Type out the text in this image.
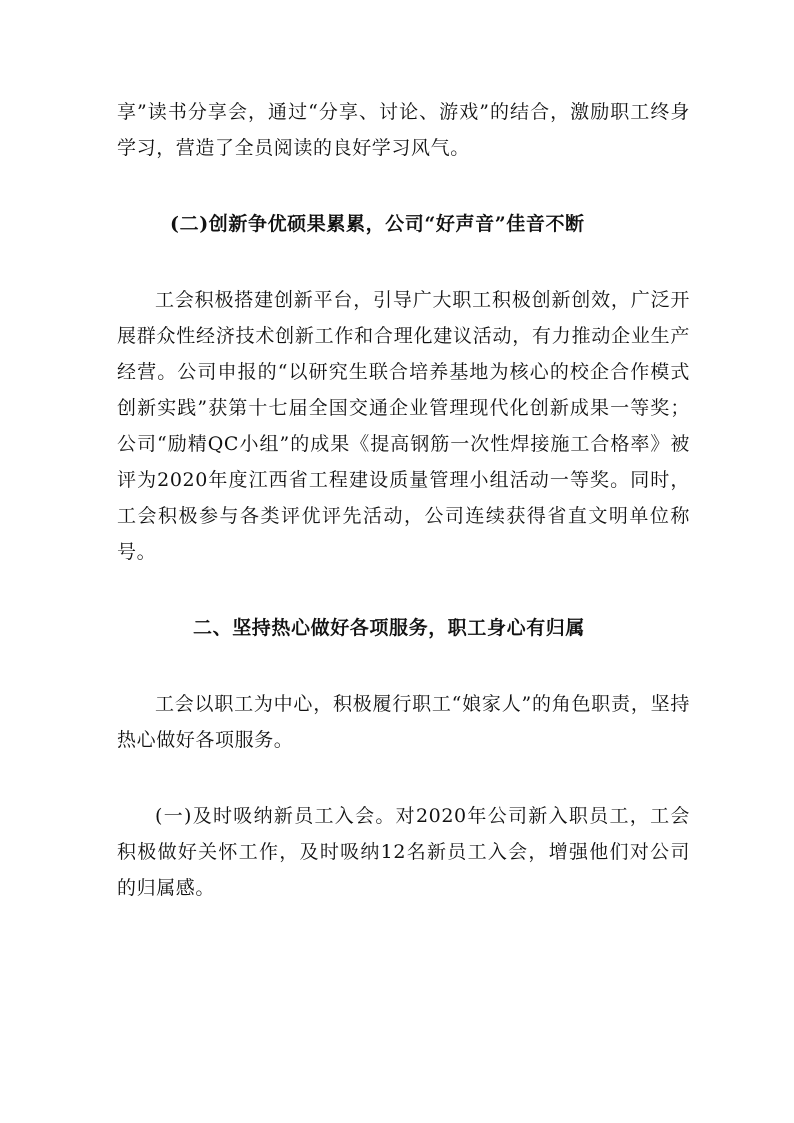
享”读书分享会，通过“分享、讨论、游戏”的结合，激励职工终身学习，营造了全员阅读的良好学习风气。

(二)创新争优硕果累累，公司“好声音”佳音不断

工会积极搭建创新平台，引导广大职工积极创新创效，广泛开展群众性经济技术创新工作和合理化建议活动，有力推动企业生产经营。公司申报的“以研究生联合培养基地为核心的校企合作模式创新实践”获第十七届全国交通企业管理现代化创新成果一等奖；公司“励精QC小组”的成果《提高钢筋一次性焊接施工合格率》被评为2020年度江西省工程建设质量管理小组活动一等奖。同时，工会积极参与各类评优评先活动，公司连续获得省直文明单位称号。

二、坚持热心做好各项服务，职工身心有归属

工会以职工为中心，积极履行职工“娘家人”的角色职责，坚持热心做好各项服务。

(一)及时吸纳新员工入会。对2020年公司新入职员工，工会积极做好关怀工作，及时吸纳12名新员工入会，增强他们对公司的归属感。
